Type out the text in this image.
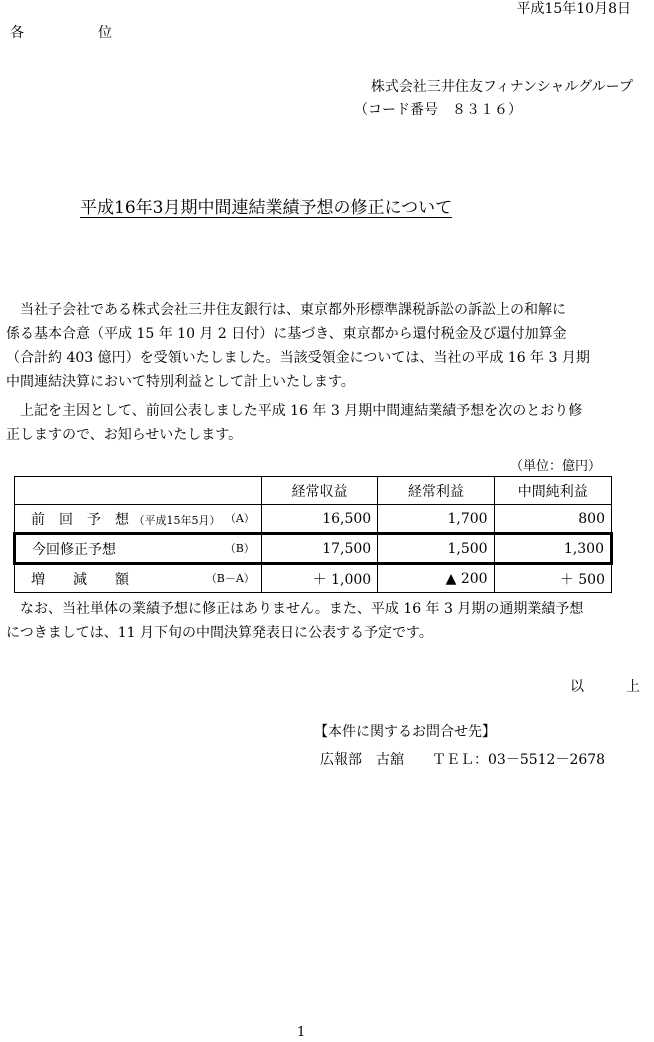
平成15年10月8日
各　位
株式会社三井住友フィナンシャルグループ
（コード番号　８３１６）
平成16年3月期中間連結業績予想の修正について
　当社子会社である株式会社三井住友銀行は、東京都外形標準課税訴訟の訴訟上の和解に
係る基本合意（平成 15 年 10 月 2 日付）に基づき、東京都から還付税金及び還付加算金
（合計約 403 億円）を受領いたしました。当該受領金については、当社の平成 16 年 3 月期
中間連結決算において特別利益として計上いたします。
　上記を主因として、前回公表しました平成 16 年 3 月期中間連結業績予想を次のとおり修
正しますので、お知らせいたします。
（単位：億円）
	経常収益	経常利益	中間純利益
前　回　予　想 （平成15年5月） （A）	16,500	1,700	800
今回修正予想 （B）	17,500	1,500	1,300
増　　減　　額 （B－A）	＋ 1,000	▲ 200	＋ 500
　なお、当社単体の業績予想に修正はありません。また、平成 16 年 3 月期の通期業績予想
につきましては、11 月下旬の中間決算発表日に公表する予定です。
以　上
【本件に関するお問合せ先】
広報部　古舘　　ＴＥＬ：03－5512－2678
1
